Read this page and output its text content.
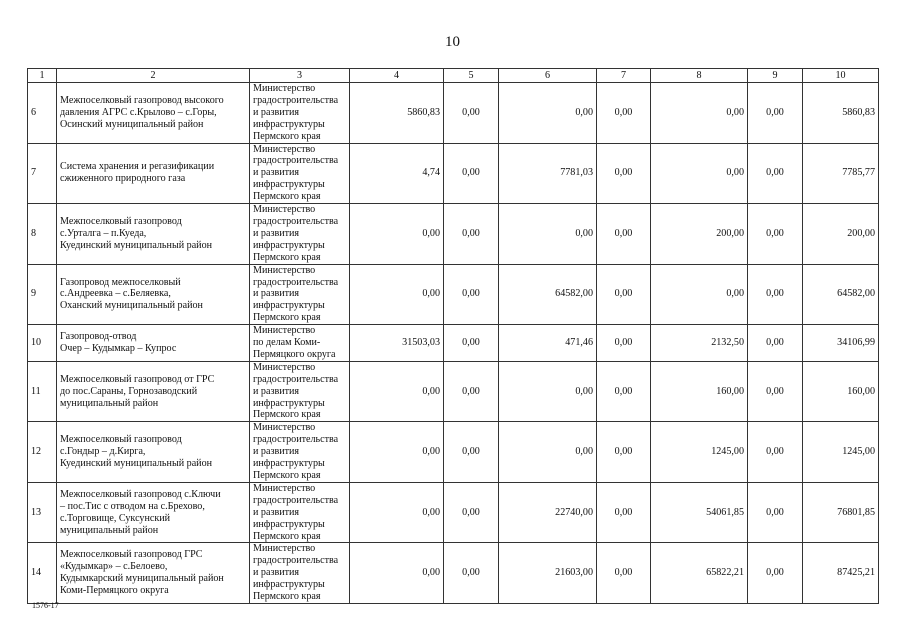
10
1	2	3	4	5	6	7	8	9	10
6	Межпоселковый газопровод высокого
давления АГРС с.Крылово – с.Горы,
Осинский муниципальный район	Министерство
градостроительства
и развития
инфраструктуры
Пермского края	5860,83	0,00	0,00	0,00	0,00	0,00	5860,83
7	Система хранения и регазификации
сжиженного природного газа	Министерство
градостроительства
и развития
инфраструктуры
Пермского края	4,74	0,00	7781,03	0,00	0,00	0,00	7785,77
8	Межпоселковый газопровод
с.Урталга – п.Куеда,
Куединский муниципальный район	Министерство
градостроительства
и развития
инфраструктуры
Пермского края	0,00	0,00	0,00	0,00	200,00	0,00	200,00
9	Газопровод межпоселковый
с.Андреевка – с.Беляевка,
Оханский муниципальный район	Министерство
градостроительства
и развития
инфраструктуры
Пермского края	0,00	0,00	64582,00	0,00	0,00	0,00	64582,00
10	Газопровод-отвод
Очер – Кудымкар – Купрос	Министерство
по делам Коми-
Пермяцкого округа	31503,03	0,00	471,46	0,00	2132,50	0,00	34106,99
11	Межпоселковый газопровод от ГРС
до пос.Сараны, Горнозаводский
муниципальный район	Министерство
градостроительства
и развития
инфраструктуры
Пермского края	0,00	0,00	0,00	0,00	160,00	0,00	160,00
12	Межпоселковый газопровод
с.Гондыр – д.Кирга,
Куединский муниципальный район	Министерство
градостроительства
и развития
инфраструктуры
Пермского края	0,00	0,00	0,00	0,00	1245,00	0,00	1245,00
13	Межпоселковый газопровод с.Ключи
– пос.Тис с отводом на с.Брехово,
с.Торговище, Суксунский
муниципальный район	Министерство
градостроительства
и развития
инфраструктуры
Пермского края	0,00	0,00	22740,00	0,00	54061,85	0,00	76801,85
14	Межпоселковый газопровод ГРС
«Кудымкар» – с.Белоево,
Кудымкарский муниципальный район
Коми-Пермяцкого округа	Министерство
градостроительства
и развития
инфраструктуры
Пермского края	0,00	0,00	21603,00	0,00	65822,21	0,00	87425,21
1576-17
